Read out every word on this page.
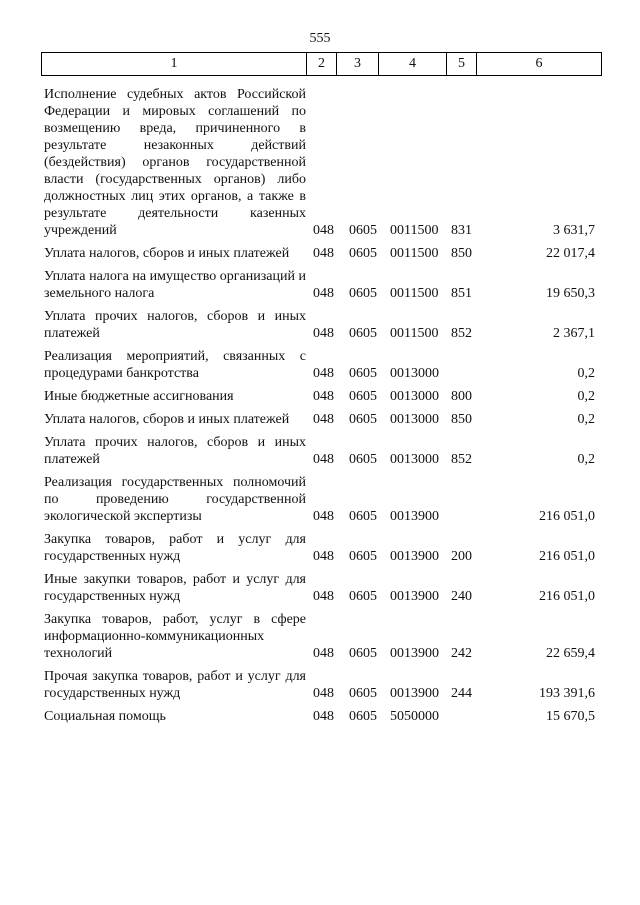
555
1	2	3	4	5	6
Исполнение судебных актов Российской Федерации и мировых соглашений по возмещению вреда, причиненного в результате незаконных действий (бездействия) органов государственной власти (государственных органов) либо должностных лиц этих органов, а также в результате деятельности казенных учреждений	048 0605 0011500 831	3 631,7
Уплата налогов, сборов и иных платежей	048 0605 0011500 850	22 017,4
Уплата налога на имущество организаций и земельного налога	048 0605 0011500 851	19 650,3
Уплата прочих налогов, сборов и иных платежей	048 0605 0011500 852	2 367,1
Реализация мероприятий, связанных с процедурами банкротства	048 0605 0013000	0,2
Иные бюджетные ассигнования	048 0605 0013000 800	0,2
Уплата налогов, сборов и иных платежей	048 0605 0013000 850	0,2
Уплата прочих налогов, сборов и иных платежей	048 0605 0013000 852	0,2
Реализация государственных полномочий по проведению государственной экологической экспертизы	048 0605 0013900	216 051,0
Закупка товаров, работ и услуг для государственных нужд	048 0605 0013900 200	216 051,0
Иные закупки товаров, работ и услуг для государственных нужд	048 0605 0013900 240	216 051,0
Закупка товаров, работ, услуг в сфере информационно-коммуникационных технологий	048 0605 0013900 242	22 659,4
Прочая закупка товаров, работ и услуг для государственных нужд	048 0605 0013900 244	193 391,6
Социальная помощь	048 0605 5050000	15 670,5
